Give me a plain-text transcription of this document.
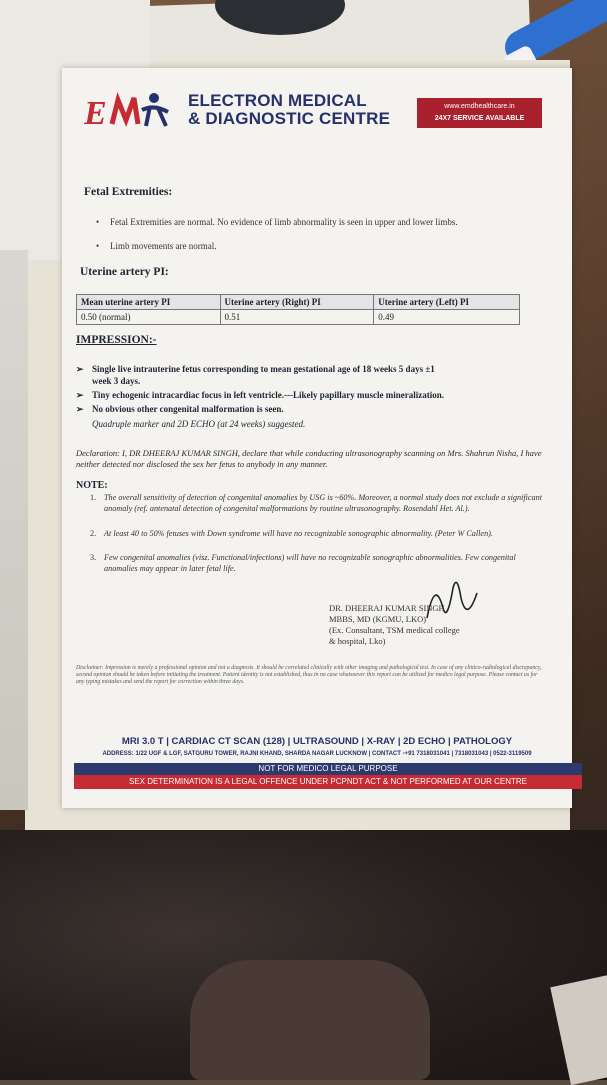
E	ELECTRON MEDICAL
& DIAGNOSTIC CENTRE
www.emdhealthcare.in
24X7 SERVICE AVAILABLE
Fetal Extremities:
• Fetal Extremities are normal. No evidence of limb abnormality is seen in upper and lower limbs.
• Limb movements are normal.
Uterine artery PI:
Mean uterine artery PI	Uterine artery (Right) PI	Uterine artery (Left) PI
0.50 (normal)	0.51	0.49
IMPRESSION:-
➢ Single live intrauterine fetus corresponding to mean gestational age of 18 weeks 5 days ±1
week 3 days.
➢ Tiny echogenic intracardiac focus in left ventricle.---Likely papillary muscle mineralization.
➢ No obvious other congenital malformation is seen.
Quadruple marker and 2D ECHO (at 24 weeks) suggested.
Declaration: I, DR DHEERAJ KUMAR SINGH, declare that while conducting ultrasonography scanning on Mrs. Shahrun Nisha, I have neither detected nor disclosed the sex her fetus to anybody in any manner.
NOTE:
1. The overall sensitivity of detection of congenital anomalies by USG is ~60%. Moreover, a normal study does not exclude a significant anomaly (ref. antenatal detection of congenital malformations by routine ultrasonography. Rosendahl Het. Al.).
2. At least 40 to 50% fetuses with Down syndrome will have no recognizable sonographic abnormality. (Peter W Callen).
3. Few congenital anomalies (visz. Functional/infections) will have no recognizable sonographic abnormalities. Few congenital anomalies may appear in later fetal life.
DR. DHEERAJ KUMAR SINGH
MBBS, MD (KGMU, LKO)
(Ex. Consultant, TSM medical college
& hospital, Lko)
Disclaimer: Impression is merely a professional opinion and not a diagnosis. It should be correlated clinically with other imaging and pathological test. In case of any clinico-radiological discrepancy, second opinion should be taken before initiating the treatment. Patient identity is not established, thus in no case whatsoever this report can be utilized for medico legal purpose. Please contact us for any typing mistakes and send the report for correction within three days.
MRI 3.0 T | CARDIAC CT SCAN (128) | ULTRASOUND | X-RAY | 2D ECHO | PATHOLOGY
ADDRESS: 1/22 UGF & LGF, SATGURU TOWER, RAJNI KHAND, SHARDA NAGAR LUCKNOW | CONTACT -+91 7318031041 | 7318031043 | 0522-3119509
NOT FOR MEDICO LEGAL PURPOSE
SEX DETERMINATION IS A LEGAL OFFENCE UNDER PCPNDT ACT & NOT PERFORMED AT OUR CENTRE
